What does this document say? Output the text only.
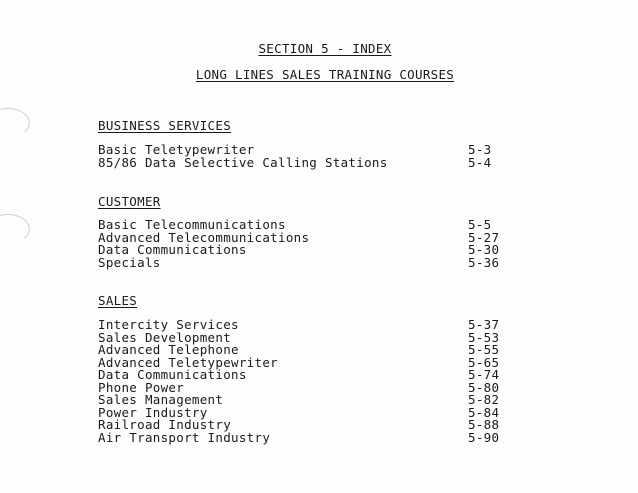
SECTION 5 - INDEX
LONG LINES SALES TRAINING COURSES
BUSINESS SERVICES
Basic Teletypewriter	5-3
85/86 Data Selective Calling Stations	5-4
CUSTOMER
Basic Telecommunications	5-5
Advanced Telecommunications	5-27
Data Communications	5-30
Specials	5-36
SALES
Intercity Services	5-37
Sales Development	5-53
Advanced Telephone	5-55
Advanced Teletypewriter	5-65
Data Communications	5-74
Phone Power	5-80
Sales Management	5-82
Power Industry	5-84
Railroad Industry	5-88
Air Transport Industry	5-90
